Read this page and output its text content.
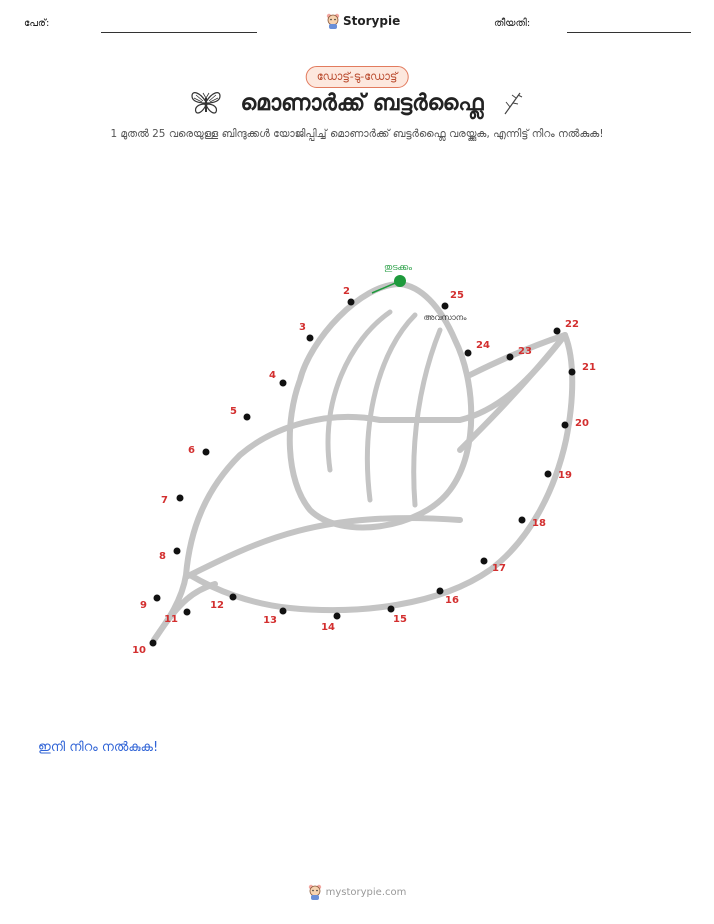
പേര്:	Storypie	തീയതി:
ഡോട്ട്-ടു-ഡോട്ട്
മൊണാർക്ക് ബട്ടർഫ്ലൈ
1 മുതൽ 25 വരെയുള്ള ബിന്ദുക്കൾ യോജിപ്പിച്ച് മൊണാർക്ക് ബട്ടർഫ്ലൈ വരയ്ക്കുക, എന്നിട്ട് നിറം നൽകുക!
തുടക്കം
അവസാനം
2
3
4
5
6
7
8
9
10
11
12
13
14
15
16
17
18
19
20
21
22
23
24
25
ഇനി നിറം നൽകുക!
mystorypie.com
